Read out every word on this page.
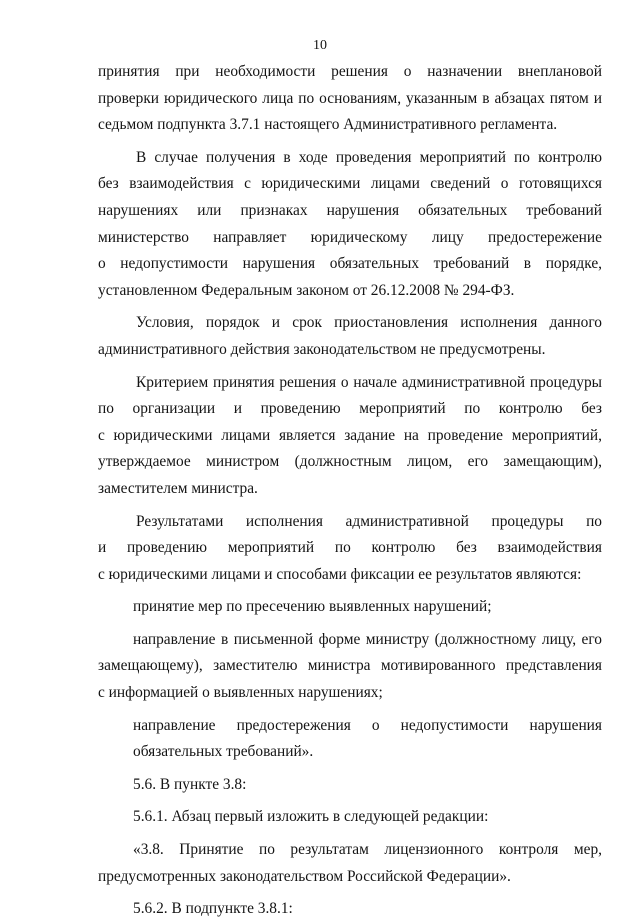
10
принятия при необходимости решения о назначении внеплановой
проверки юридического лица по основаниям, указанным в абзацах пятом и
седьмом подпункта 3.7.1 настоящего Административного регламента.
В случае получения в ходе проведения мероприятий по контролю
без взаимодействия с юридическими лицами сведений о готовящихся
нарушениях или признаках нарушения обязательных требований
министерство направляет юридическому лицу предостережение
о недопустимости нарушения обязательных требований в порядке,
установленном Федеральным законом от 26.12.2008 № 294-ФЗ.
Условия, порядок и срок приостановления исполнения данного
административного действия законодательством не предусмотрены.
Критерием принятия решения о начале административной процедуры
по организации и проведению мероприятий по контролю без
с юридическими лицами является задание на проведение мероприятий,
утверждаемое министром (должностным лицом, его замещающим),
заместителем министра.
Результатами исполнения административной процедуры по
и проведению мероприятий по контролю без взаимодействия
с юридическими лицами и способами фиксации ее результатов являются:
принятие мер по пресечению выявленных нарушений;
направление в письменной форме министру (должностному лицу, его
замещающему), заместителю министра мотивированного представления
с информацией о выявленных нарушениях;
направление предостережения о недопустимости нарушения
обязательных требований».
5.6. В пункте 3.8:
5.6.1. Абзац первый изложить в следующей редакции:
«3.8. Принятие по результатам лицензионного контроля мер,
предусмотренных законодательством Российской Федерации».
5.6.2. В подпункте 3.8.1:
